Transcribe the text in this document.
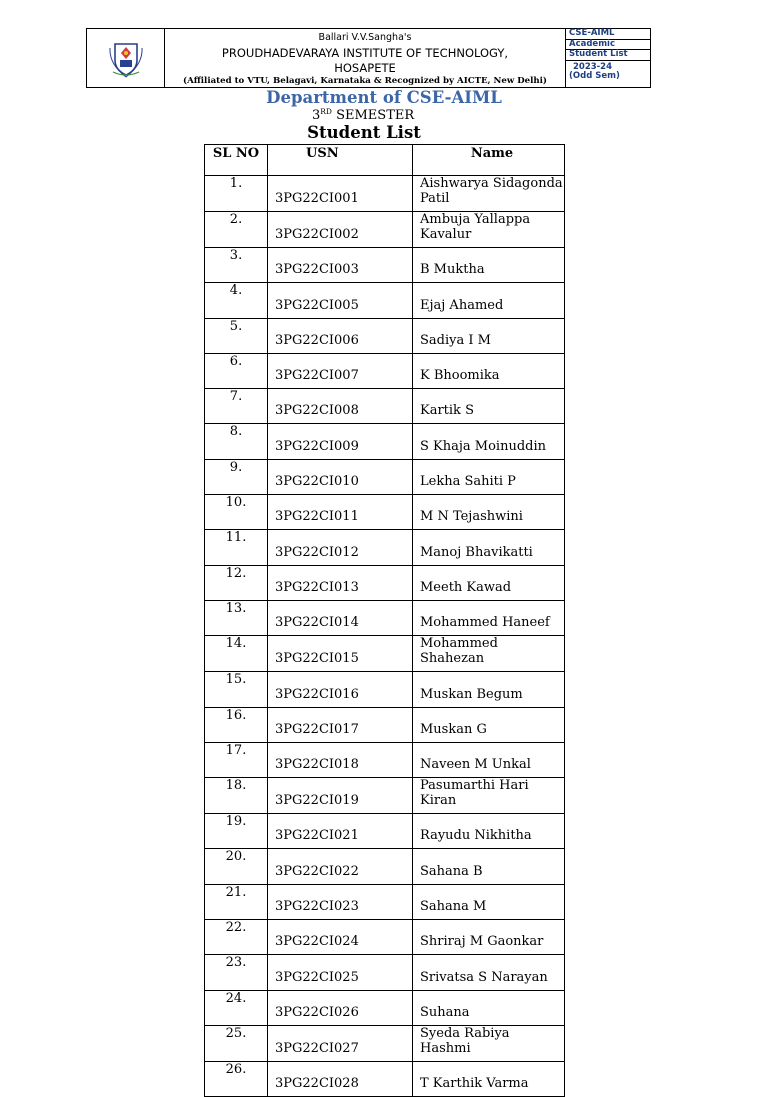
Ballari V.V.Sangha's
PROUDHADEVARAYA INSTITUTE OF TECHNOLOGY,
HOSAPETE
(Affiliated to VTU, Belagavi, Karnataka & Recognized by AICTE, New Delhi)
CSE-AIML
Academic
Student List
2023-24
(Odd Sem)
Department of CSE-AIML
3RD SEMESTER
Student List
SL NO	USN	Name
1.	3PG22CI001	Aishwarya Sidagonda Patil
2.	3PG22CI002	Ambuja Yallappa Kavalur
3.	3PG22CI003	B Muktha
4.	3PG22CI005	Ejaj Ahamed
5.	3PG22CI006	Sadiya I M
6.	3PG22CI007	K Bhoomika
7.	3PG22CI008	Kartik S
8.	3PG22CI009	S Khaja Moinuddin
9.	3PG22CI010	Lekha Sahiti P
10.	3PG22CI011	M N Tejashwini
11.	3PG22CI012	Manoj Bhavikatti
12.	3PG22CI013	Meeth Kawad
13.	3PG22CI014	Mohammed Haneef
14.	3PG22CI015	Mohammed Shahezan
15.	3PG22CI016	Muskan Begum
16.	3PG22CI017	Muskan G
17.	3PG22CI018	Naveen M Unkal
18.	3PG22CI019	Pasumarthi Hari Kiran
19.	3PG22CI021	Rayudu Nikhitha
20.	3PG22CI022	Sahana B
21.	3PG22CI023	Sahana M
22.	3PG22CI024	Shriraj M Gaonkar
23.	3PG22CI025	Srivatsa S Narayan
24.	3PG22CI026	Suhana
25.	3PG22CI027	Syeda Rabiya Hashmi
26.	3PG22CI028	T Karthik Varma
